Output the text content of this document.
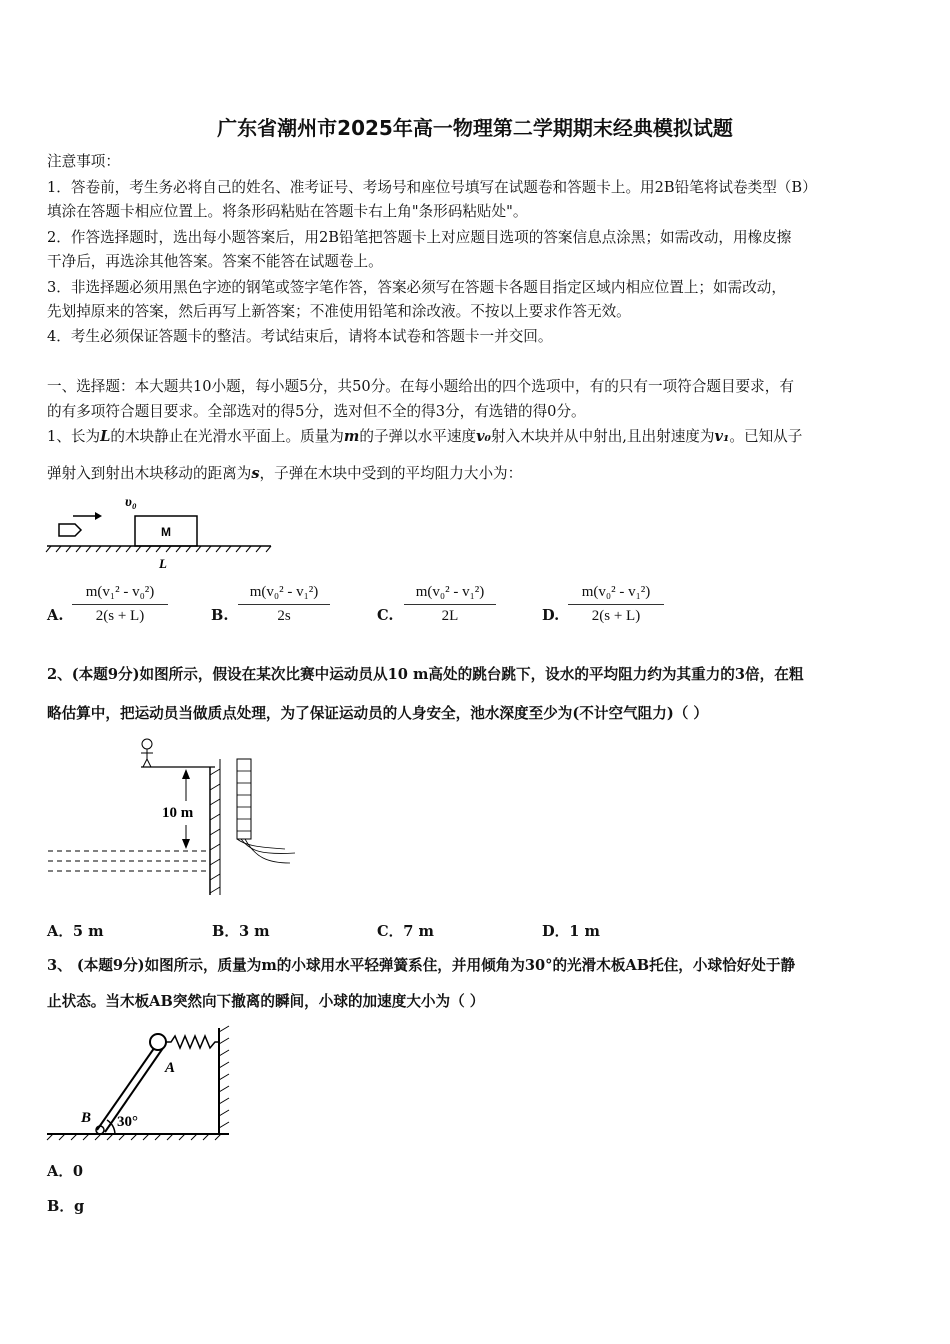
广东省潮州市2025年高一物理第二学期期末经典模拟试题
注意事项：
1．答卷前，考生务必将自己的姓名、准考证号、考场号和座位号填写在试题卷和答题卡上。用2B铅笔将试卷类型（B）
填涂在答题卡相应位置上。将条形码粘贴在答题卡右上角"条形码粘贴处"。
2．作答选择题时，选出每小题答案后，用2B铅笔把答题卡上对应题目选项的答案信息点涂黑；如需改动，用橡皮擦
干净后，再选涂其他答案。答案不能答在试题卷上。
3．非选择题必须用黑色字迹的钢笔或签字笔作答，答案必须写在答题卡各题目指定区域内相应位置上；如需改动，
先划掉原来的答案，然后再写上新答案；不准使用铅笔和涂改液。不按以上要求作答无效。
4．考生必须保证答题卡的整洁。考试结束后，请将本试卷和答题卡一并交回。
一、选择题：本大题共10小题，每小题5分，共50分。在每小题给出的四个选项中，有的只有一项符合题目要求，有
的有多项符合题目要求。全部选对的得5分，选对但不全的得3分，有选错的得0分。
1、长为L的木块静止在光滑水平面上。质量为m的子弹以水平速度v₀射入木块并从中射出,且出射速度为v₁。已知从子
弹射入到射出木块移动的距离为s，子弹在木块中受到的平均阻力大小为：
υ₀
M
L
A.
m(v₁² - v₀²)
2(s + L)	B.
m(v₀² - v₁²)
2s	C.
m(v₀² - v₁²)
2L	D.
m(v₀² - v₁²)
2(s + L)
2、(本题9分)如图所示，假设在某次比赛中运动员从10 m高处的跳台跳下，设水的平均阻力约为其重力的3倍，在粗
略估算中，把运动员当做质点处理，为了保证运动员的人身安全，池水深度至少为(不计空气阻力)（ ）
10 m
A．5 m	B．3 m	C．7 m	D．1 m
3、 (本题9分)如图所示，质量为m的小球用水平轻弹簧系住，并用倾角为30°的光滑木板AB托住，小球恰好处于静
止状态。当木板AB突然向下撤离的瞬间，小球的加速度大小为（ ）
A
B 30°
A．0
B．g
